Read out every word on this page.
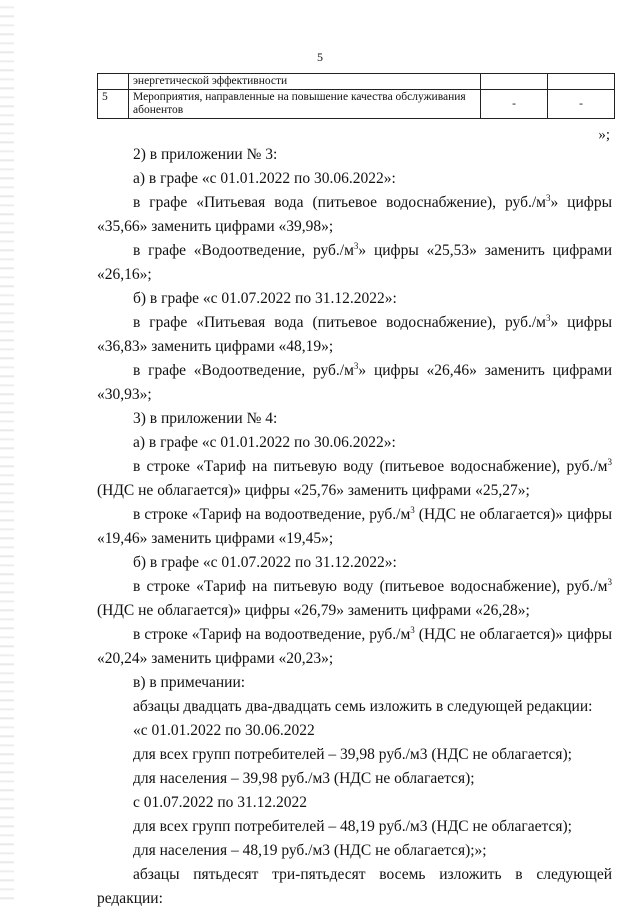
5
	энергетической эффективности		
5	Мероприятия, направленные на повышение качества обслуживания абонентов	-	-
»;

2) в приложении № 3:

а) в графе «с 01.01.2022 по 30.06.2022»:

в графе «Питьевая вода (питьевое водоснабжение), руб./м 3 » цифры «35,66» заменить цифрами «39,98»;

в графе «Водоотведение, руб./м 3 » цифры «25,53» заменить цифрами «26,16»;

б) в графе «с 01.07.2022 по 31.12.2022»:

в графе «Питьевая вода (питьевое водоснабжение), руб./м 3 » цифры «36,83» заменить цифрами «48,19»;

в графе «Водоотведение, руб./м 3 » цифры «26,46» заменить цифрами «30,93»;

3) в приложении № 4:

а) в графе «с 01.01.2022 по 30.06.2022»:

в строке «Тариф на питьевую воду (питьевое водоснабжение), руб./м 3 (НДС не облагается)» цифры «25,76» заменить цифрами «25,27»;

в строке «Тариф на водоотведение, руб./м 3 (НДС не облагается)» цифры «19,46» заменить цифрами «19,45»;

б) в графе «с 01.07.2022 по 31.12.2022»:

в строке «Тариф на питьевую воду (питьевое водоснабжение), руб./м 3 (НДС не облагается)» цифры «26,79» заменить цифрами «26,28»;

в строке «Тариф на водоотведение, руб./м 3 (НДС не облагается)» цифры «20,24» заменить цифрами «20,23»;

в) в примечании:

абзацы двадцать два-двадцать семь изложить в следующей редакции:

«с 01.01.2022 по 30.06.2022

для всех групп потребителей – 39,98 руб./м3 (НДС не облагается);

для населения – 39,98 руб./м3 (НДС не облагается);

с 01.07.2022 по 31.12.2022

для всех групп потребителей – 48,19 руб./м3 (НДС не облагается);

для населения – 48,19 руб./м3 (НДС не облагается);»;

абзацы пятьдесят три-пятьдесят восемь изложить в следующей редакции:
